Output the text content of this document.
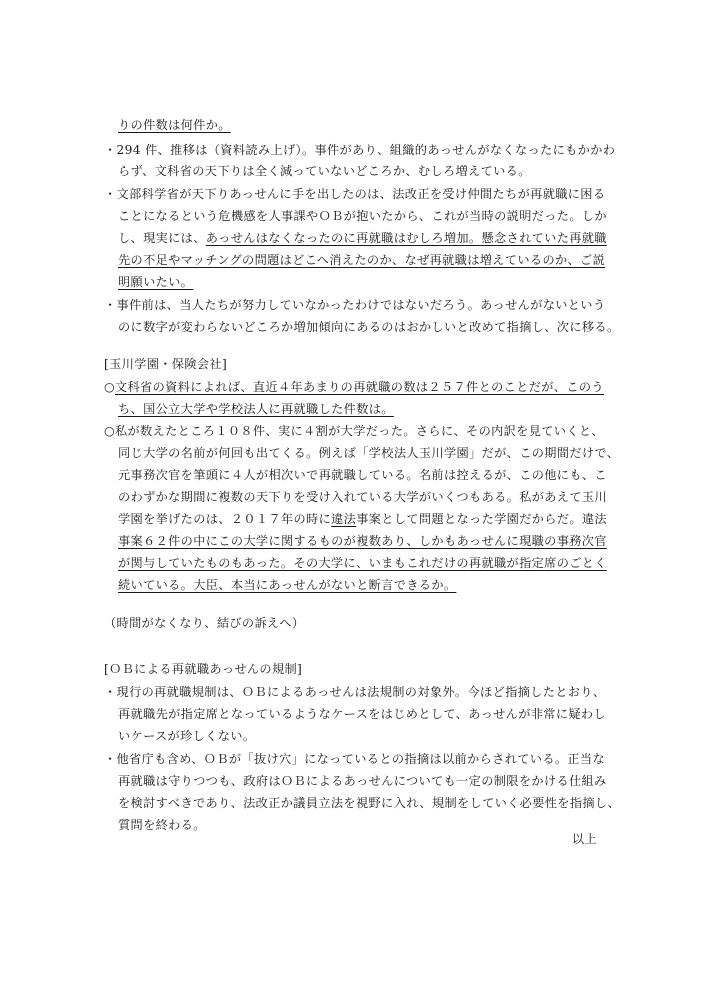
りの件数は何件か。

・294 件、推移は（資料読み上げ）。事件があり、組織的あっせんがなくなったにもかかわ

らず、文科省の天下りは全く減っていないどころか、むしろ増えている。

・文部科学省が天下りあっせんに手を出したのは、法改正を受け仲間たちが再就職に困る

ことになるという危機感を人事課やＯＢが抱いたから、これが当時の説明だった。しか

し、現実には、あっせんはなくなったのに再就職はむしろ増加。懸念されていた再就職

先の不足やマッチングの問題はどこへ消えたのか、なぜ再就職は増えているのか、ご説

明願いたい。

・事件前は、当人たちが努力していなかったわけではないだろう。あっせんがないという

のに数字が変わらないどころか増加傾向にあるのはおかしいと改めて指摘し、次に移る。

[玉川学園・保険会社]

○文科省の資料によれば、直近４年あまりの再就職の数は２５７件とのことだが、このう

ち、国公立大学や学校法人に再就職した件数は。

○私が数えたところ１０８件、実に４割が大学だった。さらに、その内訳を見ていくと、

同じ大学の名前が何回も出てくる。例えば「学校法人玉川学園」だが、この期間だけで、

元事務次官を筆頭に４人が相次いで再就職している。名前は控えるが、この他にも、こ

のわずかな期間に複数の天下りを受け入れている大学がいくつもある。私があえて玉川

学園を挙げたのは、２０１７年の時に違法事案として問題となった学園だからだ。違法

事案６２件の中にこの大学に関するものが複数あり、しかもあっせんに現職の事務次官

が関与していたものもあった。その大学に、いまもこれだけの再就職が指定席のごとく

続いている。大臣、本当にあっせんがないと断言できるか。

（時間がなくなり、結びの訴えへ）

[ＯＢによる再就職あっせんの規制]

・現行の再就職規制は、ＯＢによるあっせんは法規制の対象外。今ほど指摘したとおり、

再就職先が指定席となっているようなケースをはじめとして、あっせんが非常に疑わし

いケースが珍しくない。

・他省庁も含め、ＯＢが「抜け穴」になっているとの指摘は以前からされている。正当な

再就職は守りつつも、政府はＯＢによるあっせんについても一定の制限をかける仕組み

を検討すべきであり、法改正か議員立法を視野に入れ、規制をしていく必要性を指摘し、

質問を終わる。

以上
